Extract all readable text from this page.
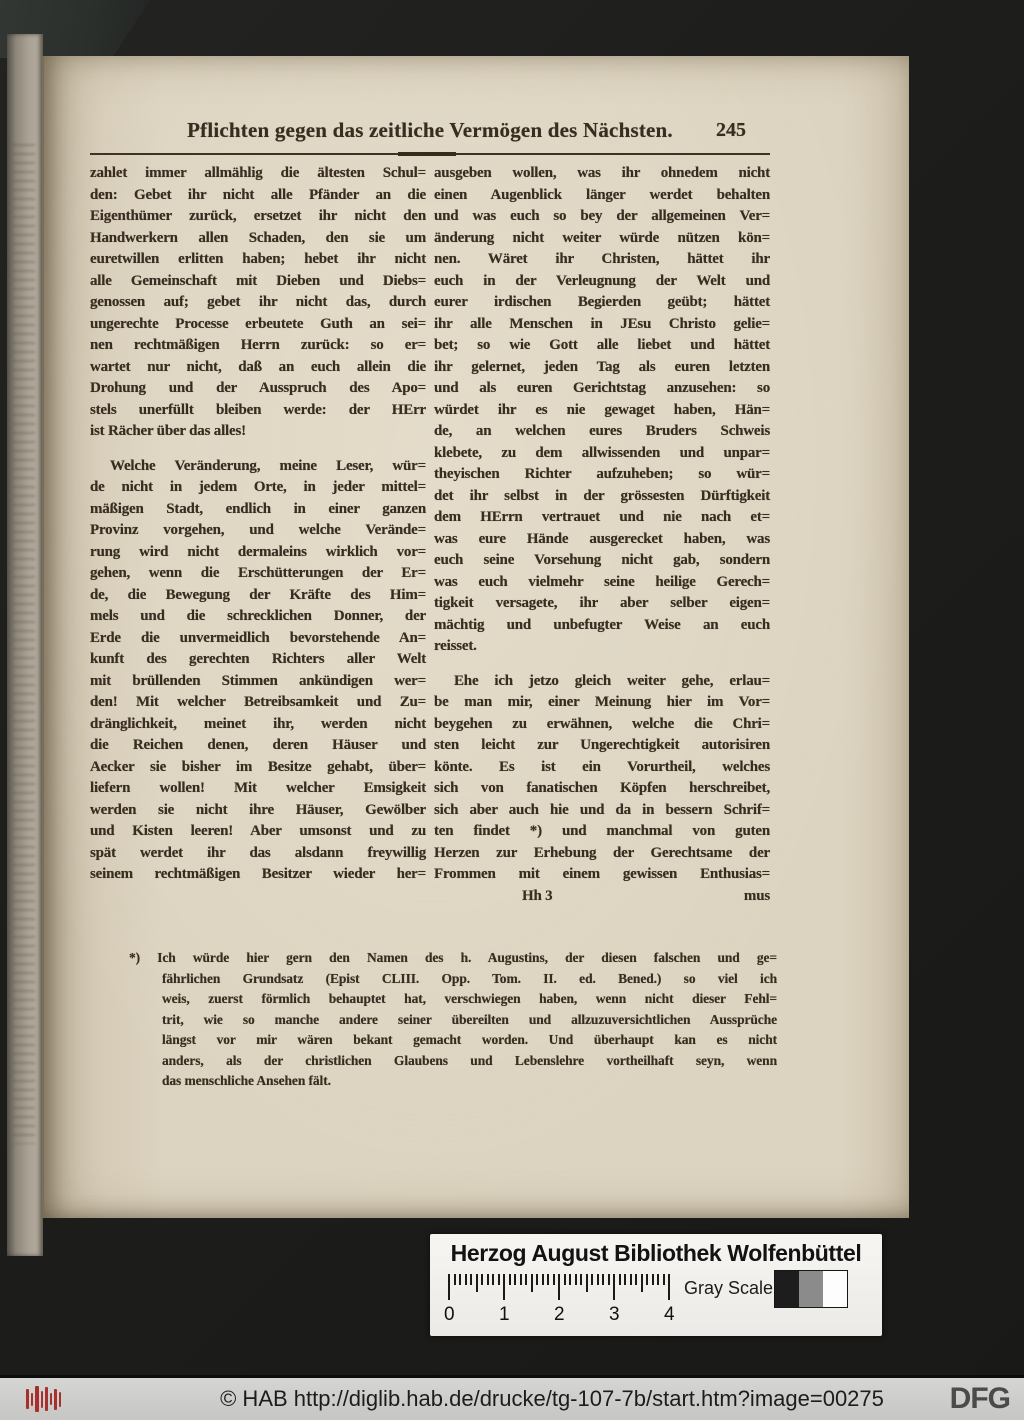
Pflichten gegen das zeitliche Vermögen des Nächsten.	245
zahlet immer allmählig die ältesten Schul=
den: Gebet ihr nicht alle Pfänder an die
Eigenthümer zurück, ersetzet ihr nicht den
Handwerkern allen Schaden, den sie um
euretwillen erlitten haben; hebet ihr nicht
alle Gemeinschaft mit Dieben und Diebs=
genossen auf; gebet ihr nicht das, durch
ungerechte Processe erbeutete Guth an sei=
nen rechtmäßigen Herrn zurück: so er=
wartet nur nicht, daß an euch allein die
Drohung und der Ausspruch des Apo=
stels unerfüllt bleiben werde: der HErr
ist Rächer über das alles!
Welche Veränderung, meine Leser, wür=
de nicht in jedem Orte, in jeder mittel=
mäßigen Stadt, endlich in einer ganzen
Provinz vorgehen, und welche Verände=
rung wird nicht dermaleins wirklich vor=
gehen, wenn die Erschütterungen der Er=
de, die Bewegung der Kräfte des Him=
mels und die schrecklichen Donner, der
Erde die unvermeidlich bevorstehende An=
kunft des gerechten Richters aller Welt
mit brüllenden Stimmen ankündigen wer=
den! Mit welcher Betreibsamkeit und Zu=
dränglichkeit, meinet ihr, werden nicht
die Reichen denen, deren Häuser und
Aecker sie bisher im Besitze gehabt, über=
liefern wollen! Mit welcher Emsigkeit
werden sie nicht ihre Häuser, Gewölber
und Kisten leeren! Aber umsonst und zu
spät werdet ihr das alsdann freywillig
seinem rechtmäßigen Besitzer wieder her=
ausgeben wollen, was ihr ohnedem nicht
einen Augenblick länger werdet behalten
und was euch so bey der allgemeinen Ver=
änderung nicht weiter würde nützen kön=
nen. Wäret ihr Christen, hättet ihr
euch in der Verleugnung der Welt und
eurer irdischen Begierden geübt; hättet
ihr alle Menschen in JEsu Christo gelie=
bet; so wie Gott alle liebet und hättet
ihr gelernet, jeden Tag als euren letzten
und als euren Gerichtstag anzusehen: so
würdet ihr es nie gewaget haben, Hän=
de, an welchen eures Bruders Schweis
klebete, zu dem allwissenden und unpar=
theyischen Richter aufzuheben; so wür=
det ihr selbst in der grössesten Dürftigkeit
dem HErrn vertrauet und nie nach et=
was eure Hände ausgerecket haben, was
euch seine Vorsehung nicht gab, sondern
was euch vielmehr seine heilige Gerech=
tigkeit versagete, ihr aber selber eigen=
mächtig und unbefugter Weise an euch
reisset.
Ehe ich jetzo gleich weiter gehe, erlau=
be man mir, einer Meinung hier im Vor=
beygehen zu erwähnen, welche die Chri=
sten leicht zur Ungerechtigkeit autorisiren
könte. Es ist ein Vorurtheil, welches
sich von fanatischen Köpfen herschreibet,
sich aber auch hie und da in bessern Schrif=
ten findet *) und manchmal von guten
Herzen zur Erhebung der Gerechtsame der
Frommen mit einem gewissen Enthusias=
Hh 3	mus
*) Ich würde hier gern den Namen des h. Augustins, der diesen falschen und ge=
fährlichen Grundsatz (Epist CLIII. Opp. Tom. II. ed. Bened.) so viel ich
weis, zuerst förmlich behauptet hat, verschwiegen haben, wenn nicht dieser Fehl=
trit, wie so manche andere seiner übereilten und allzuzuversichtlichen Aussprüche
längst vor mir wären bekant gemacht worden. Und überhaupt kan es nicht
anders, als der christlichen Glaubens und Lebenslehre vortheilhaft seyn, wenn
das menschliche Ansehen fält.
Herzog August Bibliothek Wolfenbüttel
0 1 2 3 4
Gray Scale
© HAB http://diglib.hab.de/drucke/tg-107-7b/start.htm?image=00275 DFG
